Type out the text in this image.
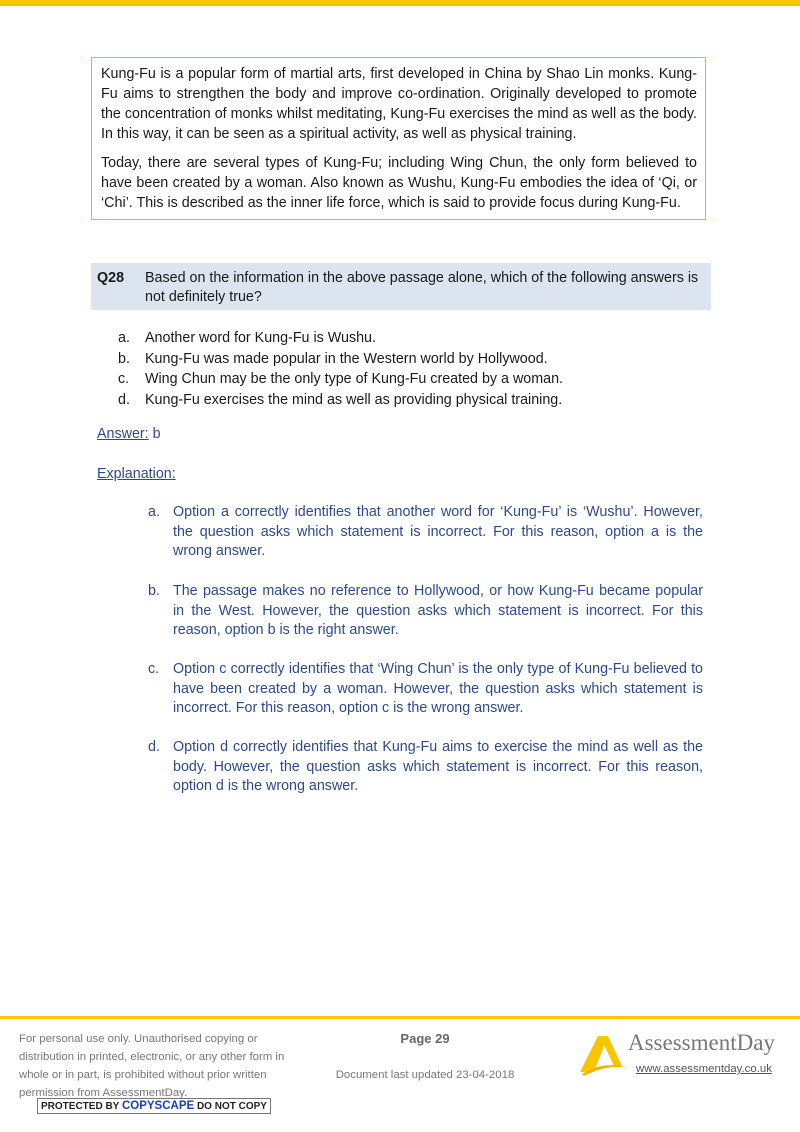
Kung-Fu is a popular form of martial arts, first developed in China by Shao Lin monks. Kung-Fu aims to strengthen the body and improve co-ordination. Originally developed to promote the concentration of monks whilst meditating, Kung-Fu exercises the mind as well as the body. In this way, it can be seen as a spiritual activity, as well as physical training.

Today, there are several types of Kung-Fu; including Wing Chun, the only form believed to have been created by a woman. Also known as Wushu, Kung-Fu embodies the idea of ‘Qi, or ‘Chi’. This is described as the inner life force, which is said to provide focus during Kung-Fu.

Q28 Based on the information in the above passage alone, which of the following answers is not definitely true?
a.	Another word for Kung-Fu is Wushu.
b.	Kung-Fu was made popular in the Western world by Hollywood.
c.	Wing Chun may be the only type of Kung-Fu created by a woman.
d.	Kung-Fu exercises the mind as well as providing physical training.
Answer: b
Explanation:
a. Option a correctly identifies that another word for ‘Kung-Fu’ is ‘Wushu’. However, the question asks which statement is incorrect. For this reason, option a is the wrong answer.
b. The passage makes no reference to Hollywood, or how Kung-Fu became popular in the West. However, the question asks which statement is incorrect. For this reason, option b is the right answer.
c. Option c correctly identifies that ‘Wing Chun’ is the only type of Kung-Fu believed to have been created by a woman. However, the question asks which statement is incorrect. For this reason, option c is the wrong answer.
d. Option d correctly identifies that Kung-Fu aims to exercise the mind as well as the body. However, the question asks which statement is incorrect. For this reason, option d is the wrong answer.
For personal use only. Unauthorised copying or distribution in printed, electronic, or any other form in whole or in part, is prohibited without prior written permission from AssessmentDay.
PROTECTED BY COPYSCAPE DO NOT COPY
Page 29
Document last updated 23-04-2018
AssessmentDay
www.assessmentday.co.uk
